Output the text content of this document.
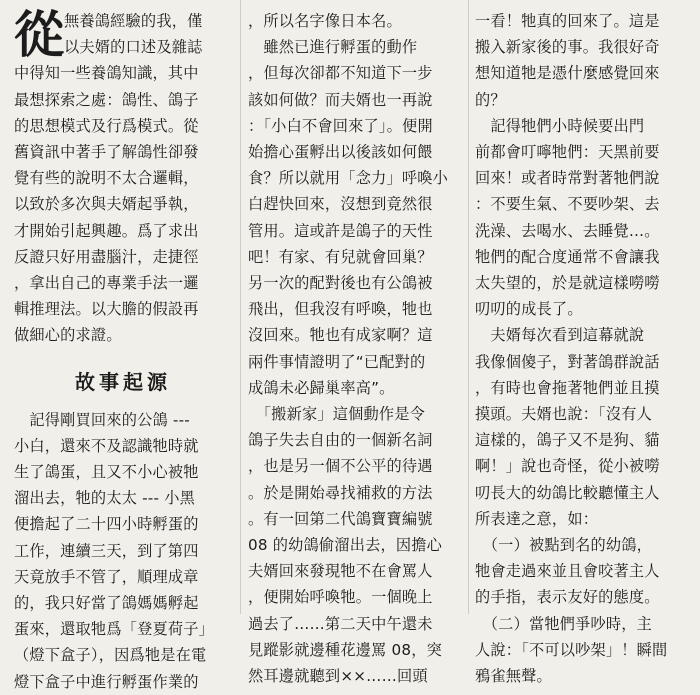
從 無養鴿經驗的我，僅

以夫婿的口述及雜誌

中得知一些養鴿知識，其中

最想探索之處：鴿性、鴿子

的思想模式及行爲模式。從

舊資訊中著手了解鴿性卻發

覺有些的說明不太合邏輯，

以致於多次與夫婿起爭執，

才開始引起興趣。爲了求出

反證只好用盡腦汁，走捷徑

，拿出自己的專業手法一邏

輯推理法。以大膽的假設再

做細心的求證。

故事起源

　記得剛買回來的公鴿 ---

小白，還來不及認識牠時就

生了鴿蛋，且又不小心被牠

溜出去，牠的太太 --- 小黑

便擔起了二十四小時孵蛋的

工作，連續三天，到了第四

天竟放手不管了，順理成章

的，我只好當了鴿媽媽孵起

蛋來，還取牠爲「登夏荷子」

（燈下盒子），因爲牠是在電

燈下盒子中進行孵蛋作業的

，所以名字像日本名。

　雖然已進行孵蛋的動作

，但每次卻都不知道下一步

該如何做？而夫婿也一再說

：「小白不會回來了」。便開

始擔心蛋孵出以後該如何餵

食？所以就用「念力」呼喚小

白趕快回來，沒想到竟然很

管用。這或許是鴿子的天性

吧！有家、有兒就會回巢？

另一次的配對後也有公鴿被

飛出，但我沒有呼喚，牠也

沒回來。牠也有成家啊？這

兩件事情證明了“已配對的

成鴿未必歸巢率高”。

　「搬新家」這個動作是令

鴿子失去自由的一個新名詞

，也是另一個不公平的待遇

。於是開始尋找補救的方法

。有一回第二代鴿寶寶編號

08 的幼鴿偷溜出去，因擔心

夫婿回來發現牠不在會罵人

，便開始呼喚牠。一個晚上

過去了……第二天中午還未

見蹤影就邊種花邊罵 08，突

然耳邊就聽到××……回頭

一看！牠真的回來了。這是

搬入新家後的事。我很好奇

想知道牠是憑什麼感覺回來

的？

　記得牠們小時候要出門

前都會叮嚀牠們：天黑前要

回來！或者時常對著牠們說

：不要生氣、不要吵架、去

洗澡、去喝水、去睡覺…。

牠們的配合度通常不會讓我

太失望的，於是就這樣嘮嘮

叨叨的成長了。

　夫婿每次看到這幕就說

我像個傻子，對著鴿群說話

，有時也會拖著牠們並且摸

摸頭。夫婿也說：「沒有人

這樣的，鴿子又不是狗、貓

啊！」說也奇怪，從小被嘮

叨長大的幼鴿比較聽懂主人

所表達之意，如：

　（一）被點到名的幼鴿，

牠會走過來並且會咬著主人

的手指，表示友好的態度。

　（二）當牠們爭吵時，主

人說：「不可以吵架」！瞬間

鴉雀無聲。
